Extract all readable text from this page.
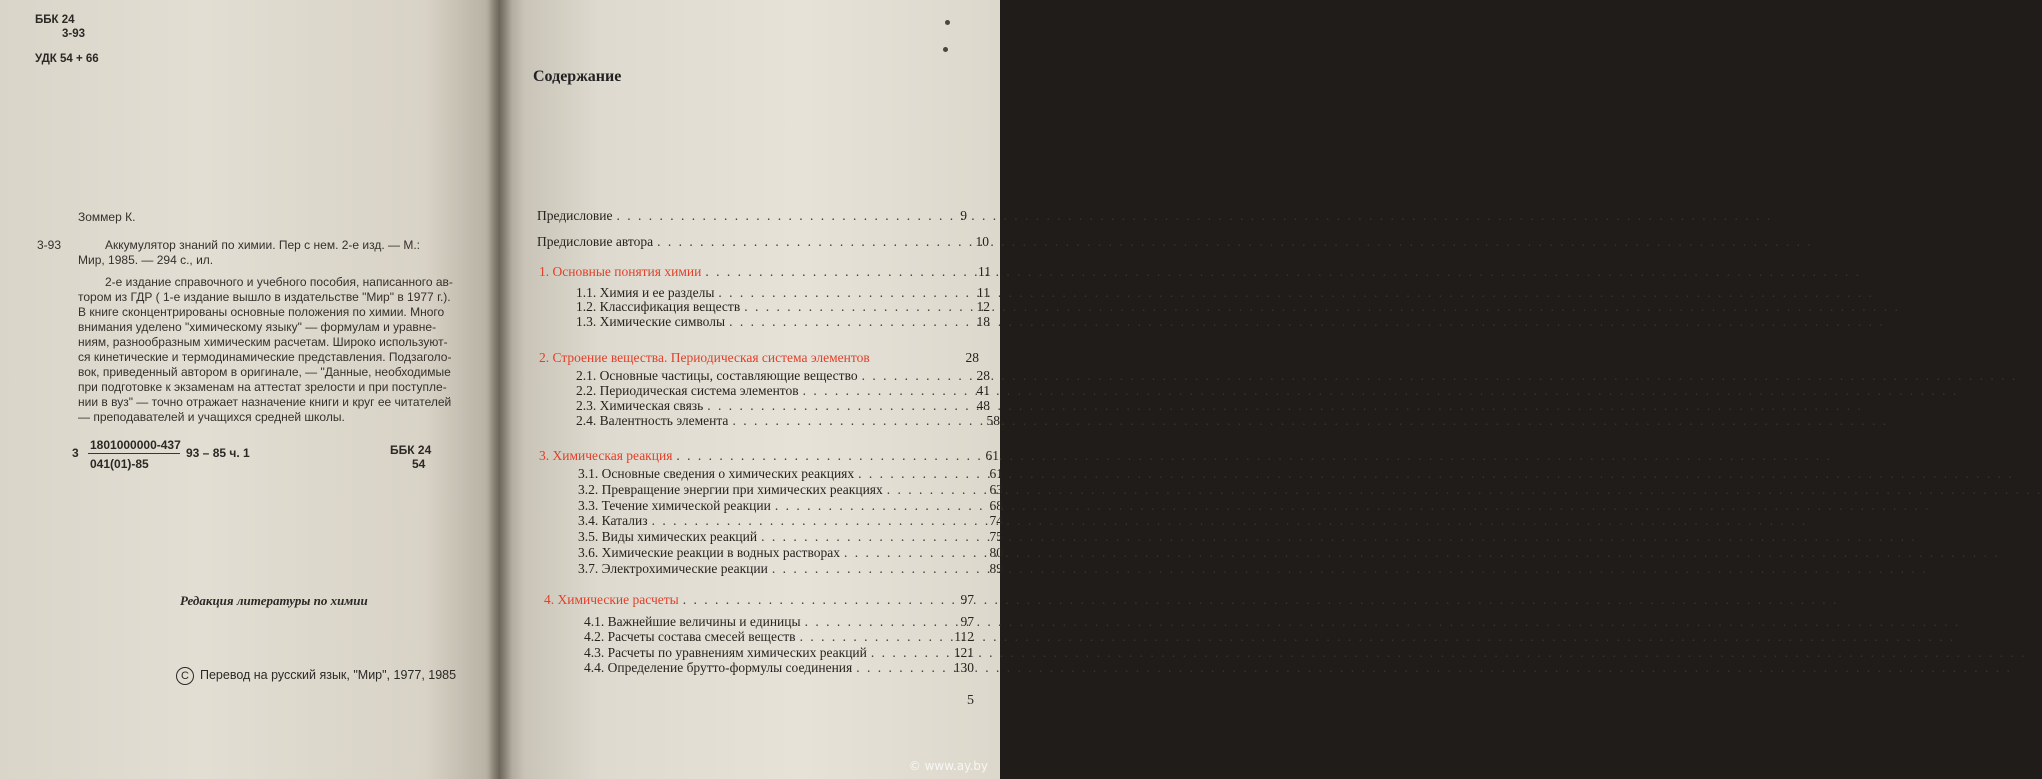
ББК 24
3-93
УДК 54 + 66
Зоммер К.
3-93	Аккумулятор знаний по химии. Пер с нем. 2-е изд. — М.:
Мир, 1985. — 294 с., ил.
2-е издание справочного и учебного пособия, написанного ав-
тором из ГДР ( 1-е издание вышло в издательстве "Мир" в 1977 г.).
В книге сконцентрированы основные положения по химии. Много
внимания уделено "химическому языку" — формулам и уравне-
ниям, разнообразным химическим расчетам. Широко используют-
ся кинетические и термодинамические представления. Подзаголо-
вок, приведенный автором в оригинале, — "Данные, необходимые
при подготовке к экзаменам на аттестат зрелости и при поступле-
нии в вуз" — точно отражает назначение книги и круг ее читателей
— преподавателей и учащихся средней школы.
3
1801000000-437
041(01)-85
93 – 85 ч. 1	ББК 24
54
Редакция литературы по химии
C Перевод на русский язык, "Мир", 1977, 1985
Содержание
Предисловие . . .	9
Предисловие автора . . .	10
1. Основные понятия химии . . .	11
1.1. Химия и ее разделы . . .	11
1.2. Классификация веществ . . .	12
1.3. Химические символы . . .	18
2. Строение вещества. Периодическая система элементов	28
2.1. Основные частицы, составляющие вещество . . .	28
2.2. Периодическая система элементов . . .	41
2.3. Химическая связь . . .	48
2.4. Валентность элемента . . .	58
3. Химическая реакция . . .	61
3.1. Основные сведения о химических реакциях . . .	61
3.2. Превращение энергии при химических реакциях . . .	63
3.3. Течение химической реакции . . .	68
3.4. Катализ . . .	74
3.5. Виды химических реакций . . .	75
3.6. Химические реакции в водных растворах . . .	80
3.7. Электрохимические реакции . . .	89
4. Химические расчеты . . .	97
4.1. Важнейшие величины и единицы . . .	97
4.2. Расчеты состава смесей веществ . . .	112
4.3. Расчеты по уравнениям химических реакций . . .	121
4.4. Определение брутто-формулы соединения . . .	130
5
© www.ay.by
